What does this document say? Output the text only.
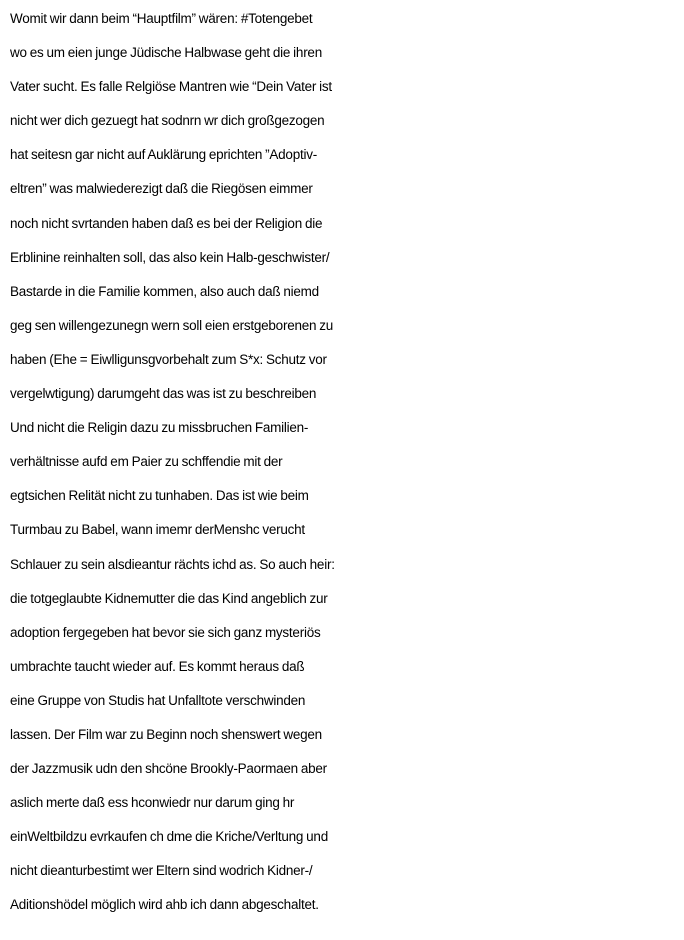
Womit wir dann beim “Hauptfilm” wären: #Totengebet
wo es um eien junge Jüdische Halbwase geht die ihren
Vater sucht. Es falle Relgiöse Mantren wie “Dein Vater ist
nicht wer dich gezuegt hat sodnrn wr dich großgezogen
hat seitesn gar nicht auf Auklärung eprichten ”Adoptiv-
eltren” was malwiederezigt daß die Riegösen eimmer
noch nicht svrtanden haben daß es bei der Religion die
Erblinine reinhalten soll, das also kein Halb-geschwister/
Bastarde in die Familie kommen, also auch daß niemd
geg sen willengezunegn wern soll eien erstgeborenen zu
haben (Ehe = Eiwlligunsgvorbehalt zum S*x: Schutz vor
vergelwtigung) darumgeht das was ist zu beschreiben
Und nicht die Religin dazu zu missbruchen Familien-
verhältnisse aufd em Paier zu schffendie mit der
egtsichen Relität nicht zu tunhaben. Das ist wie beim
Turmbau zu Babel, wann imemr derMenshc verucht
Schlauer zu sein alsdieantur rächts ichd as. So auch heir:
die totgeglaubte Kidnemutter die das Kind angeblich zur
adoption fergegeben hat bevor sie sich ganz mysteriös
umbrachte taucht wieder auf. Es kommt heraus daß
eine Gruppe von Studis hat Unfalltote verschwinden
lassen. Der Film war zu Beginn noch shenswert wegen
der Jazzmusik udn den shcöne Brookly-Paormaen aber
aslich merte daß ess hconwiedr nur darum ging hr
einWeltbildzu evrkaufen ch dme die Kriche/Verltung und
nicht dieanturbestimt wer Eltern sind wodrich Kidner-/
Aditionshödel möglich wird ahb ich dann abgeschaltet.
